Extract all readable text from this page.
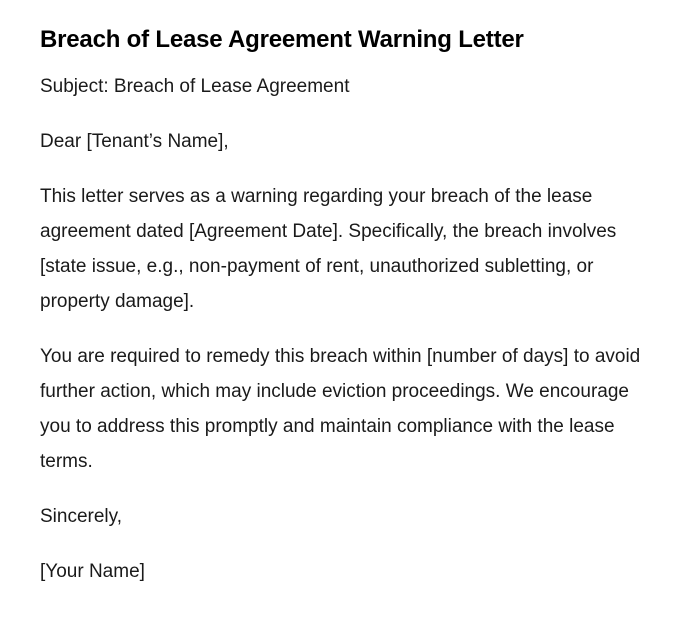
Breach of Lease Agreement Warning Letter

Subject: Breach of Lease Agreement

Dear [Tenant’s Name],

This letter serves as a warning regarding your breach of the lease agreement dated [Agreement Date]. Specifically, the breach involves [state issue, e.g., non-payment of rent, unauthorized subletting, or property damage].

You are required to remedy this breach within [number of days] to avoid further action, which may include eviction proceedings. We encourage you to address this promptly and maintain compliance with the lease terms.

Sincerely,

[Your Name]
